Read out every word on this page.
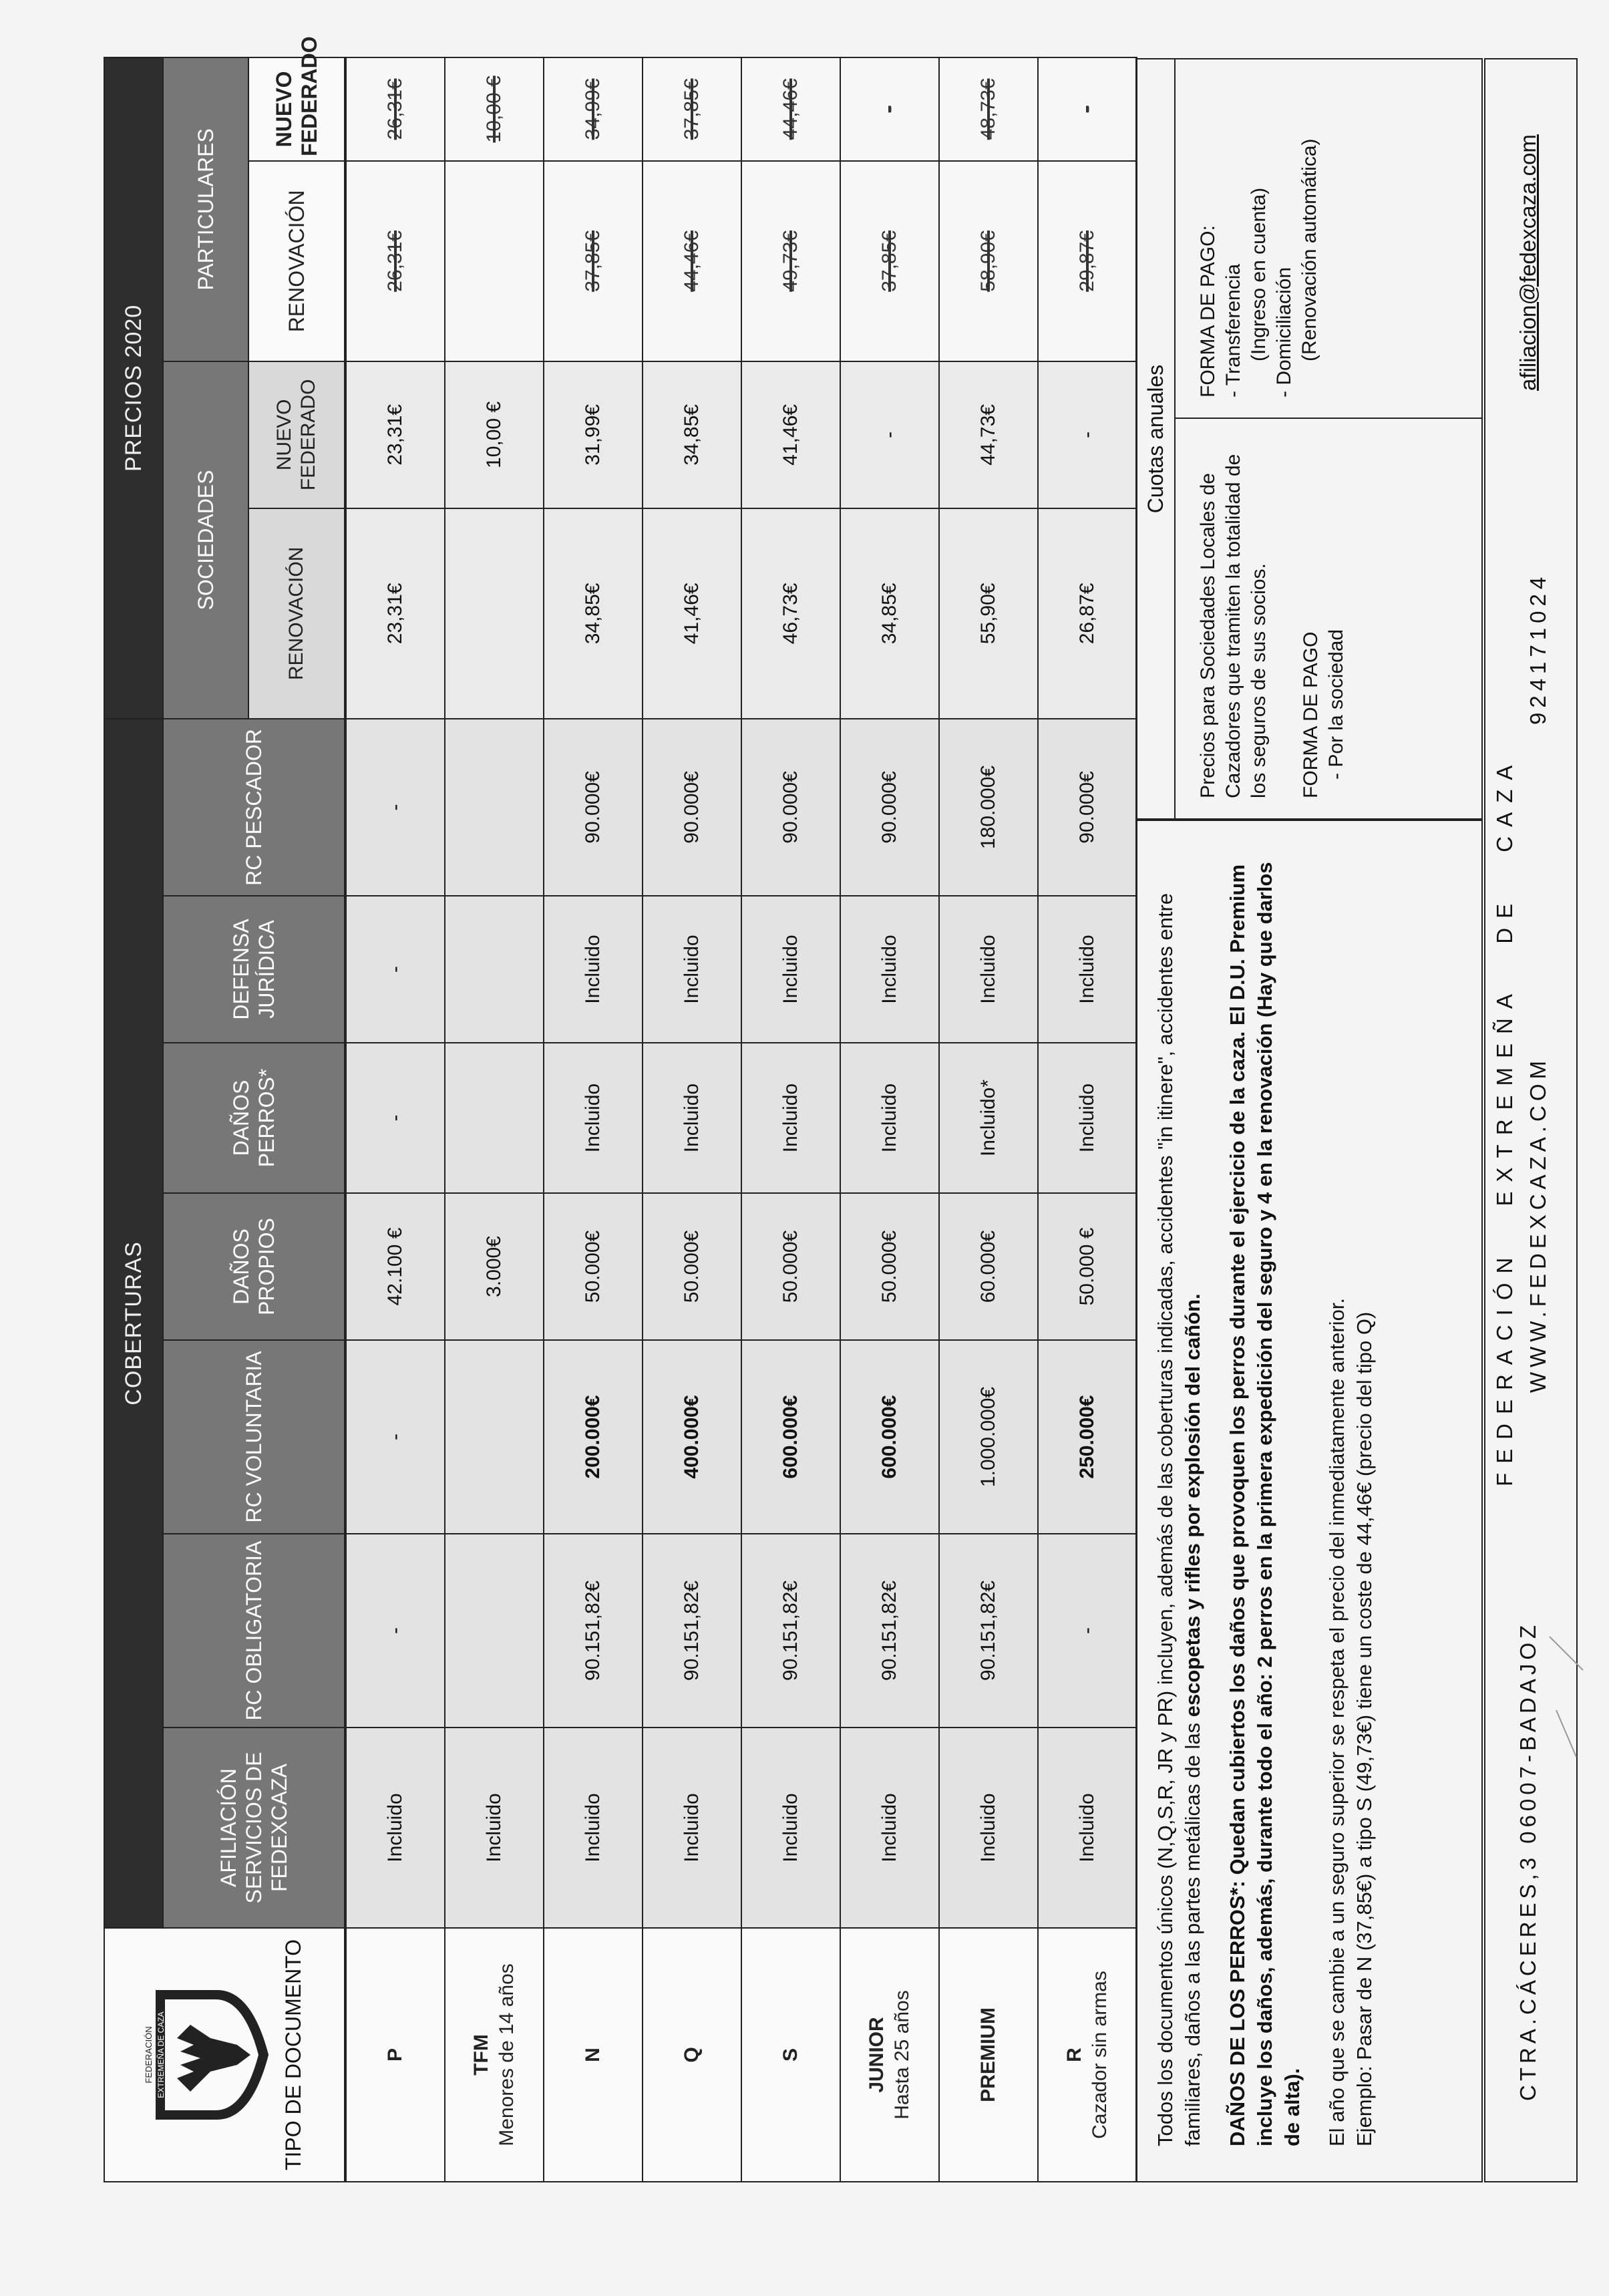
FEDERACIÓN EXTREMEÑA DE CAZA TIPO DE DOCUMENTO	COBERTURAS							PRECIOS 2020			
	AFILIACIÓN SERVICIOS DE FEDEXCAZA	RC OBLIGATORIA	RC VOLUNTARIA	DAÑOS PROPIOS	DAÑOS PERROS*	DEFENSA JURÍDICA	RC PESCADOR	SOCIEDADES		PARTICULARES	
								RENOVACIÓN	NUEVO FEDERADO	RENOVACIÓN	NUEVO FEDERADO

P	Incluido	-	-	42.100 €	-	-	-	23,31€	23,31€	26,31€	26,31€

TFM Menores de 14 años	Incluido			3.000€					10,00 €		10,00 €

N	Incluido	90.151,82€	200.000€	50.000€	Incluido	Incluido	90.000€	34,85€	31,99€	37,85€	34,99€

Q	Incluido	90.151,82€	400.000€	50.000€	Incluido	Incluido	90.000€	41,46€	34,85€	44,46€	37,85€

S	Incluido	90.151,82€	600.000€	50.000€	Incluido	Incluido	90.000€	46,73€	41,46€	49,73€	44,46€

JUNIOR Hasta 25 años	Incluido	90.151,82€	600.000€	50.000€	Incluido	Incluido	90.000€	34,85€	-	37,85€	-

PREMIUM	Incluido	90.151,82€	1.000.000€	60.000€	Incluido*	Incluido	180.000€	55,90€	44,73€	58,90€	48,73€

R Cazador sin armas	Incluido	-	250.000€	50.000 €	Incluido	Incluido	90.000€	26,87€	-	29,87€	-

Todos los documentos únicos (N,Q,S,R, JR y PR) incluyen, además de las coberturas indicadas, accidentes "in itinere", accidentes entre familiares, daños a las partes metálicas de las escopetas y rifles por explosión del cañón. DAÑOS DE LOS PERROS*: Quedan cubiertos los daños que provoquen los perros durante el ejercicio de la caza. El D.U. Premium incluye los daños, además, durante todo el año: 2 perros en la primera expedición del seguro y 4 en la renovación (Hay que darlos de alta). El año que se cambie a un seguro superior se respeta el precio del inmediatamente anterior. Ejemplo: Pasar de N (37,85€) a tipo S (49,73€) tiene un coste de 44,46€ (precio del tipo Q)

Cuotas anuales
Precios para Sociedades Locales de Cazadores que tramiten la totalidad de los seguros de sus socios. FORMA DE PAGO - Por la sociedad
FORMA DE PAGO: - Transferencia (Ingreso en cuenta) - Domiciliación (Renovación automática)
CTRA.CÁCERES,3 06007-BADAJOZ
FEDERACIÓN EXTREMEÑA DE CAZA WWW.FEDEXCAZA.COM
924171024
afiliacion@fedexcaza.com
